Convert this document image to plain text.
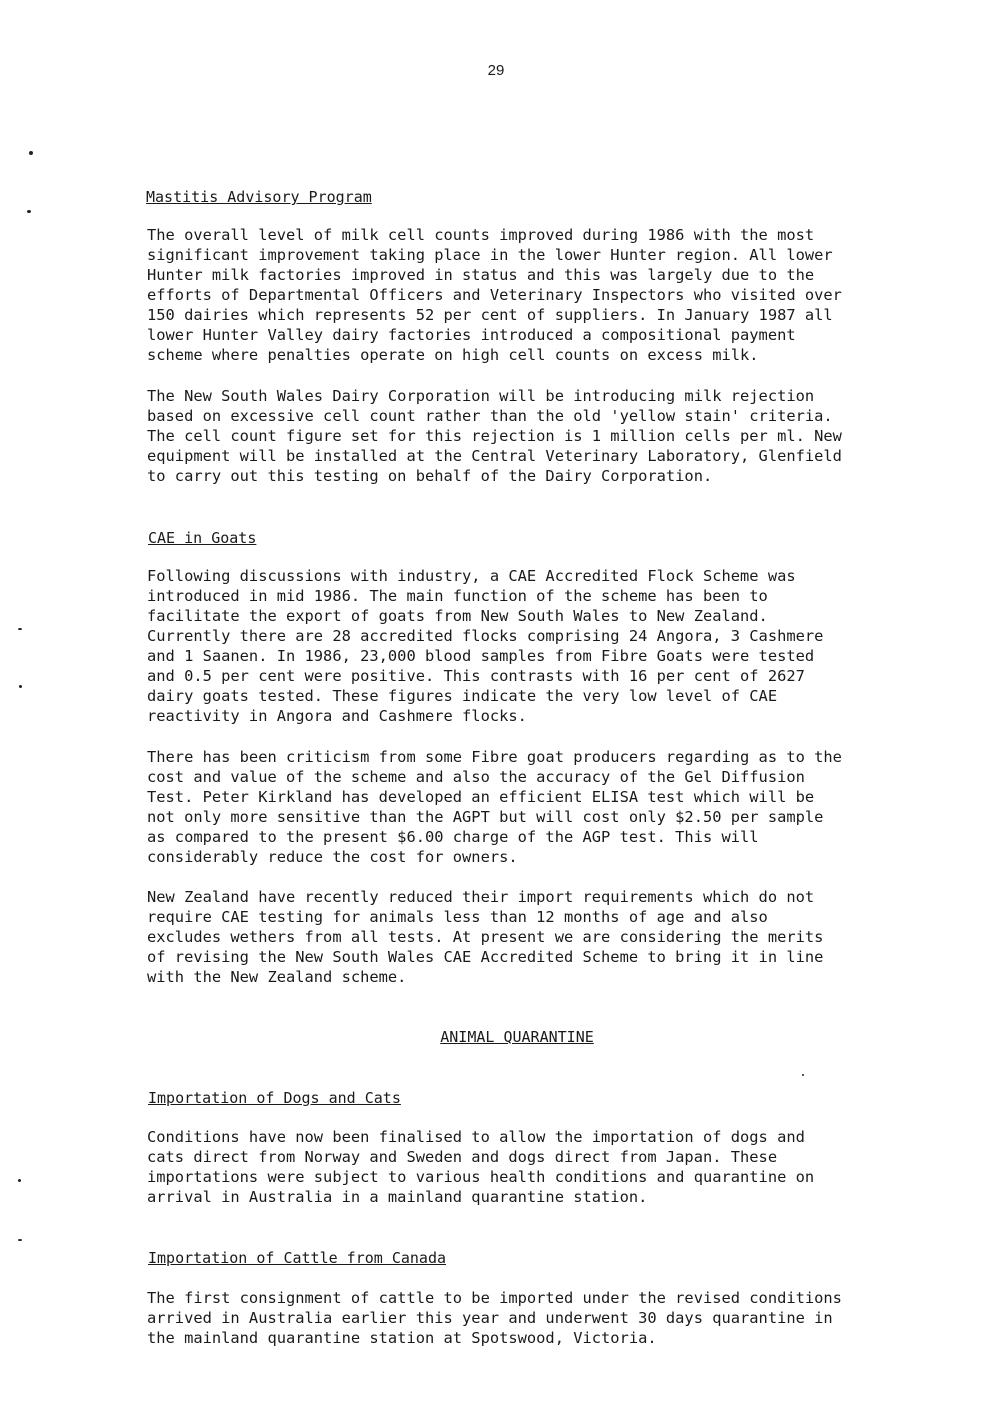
29
Mastitis Advisory Program

The overall level of milk cell counts improved during 1986 with the most
significant improvement taking place in the lower Hunter region. All lower
Hunter milk factories improved in status and this was largely due to the
efforts of Departmental Officers and Veterinary Inspectors who visited over
150 dairies which represents 52 per cent of suppliers. In January 1987 all
lower Hunter Valley dairy factories introduced a compositional payment
scheme where penalties operate on high cell counts on excess milk.

The New South Wales Dairy Corporation will be introducing milk rejection
based on excessive cell count rather than the old 'yellow stain' criteria.
The cell count figure set for this rejection is 1 million cells per ml. New
equipment will be installed at the Central Veterinary Laboratory, Glenfield
to carry out this testing on behalf of the Dairy Corporation.

CAE in Goats

Following discussions with industry, a CAE Accredited Flock Scheme was
introduced in mid 1986. The main function of the scheme has been to
facilitate the export of goats from New South Wales to New Zealand.
Currently there are 28 accredited flocks comprising 24 Angora, 3 Cashmere
and 1 Saanen. In 1986, 23,000 blood samples from Fibre Goats were tested
and 0.5 per cent were positive. This contrasts with 16 per cent of 2627
dairy goats tested. These figures indicate the very low level of CAE
reactivity in Angora and Cashmere flocks.

There has been criticism from some Fibre goat producers regarding as to the
cost and value of the scheme and also the accuracy of the Gel Diffusion
Test. Peter Kirkland has developed an efficient ELISA test which will be
not only more sensitive than the AGPT but will cost only $2.50 per sample
as compared to the present $6.00 charge of the AGP test. This will
considerably reduce the cost for owners.

New Zealand have recently reduced their import requirements which do not
require CAE testing for animals less than 12 months of age and also
excludes wethers from all tests. At present we are considering the merits
of revising the New South Wales CAE Accredited Scheme to bring it in line
with the New Zealand scheme.

ANIMAL QUARANTINE
Importation of Dogs and Cats

Conditions have now been finalised to allow the importation of dogs and
cats direct from Norway and Sweden and dogs direct from Japan. These
importations were subject to various health conditions and quarantine on
arrival in Australia in a mainland quarantine station.

Importation of Cattle from Canada

The first consignment of cattle to be imported under the revised conditions
arrived in Australia earlier this year and underwent 30 days quarantine in
the mainland quarantine station at Spotswood, Victoria.
